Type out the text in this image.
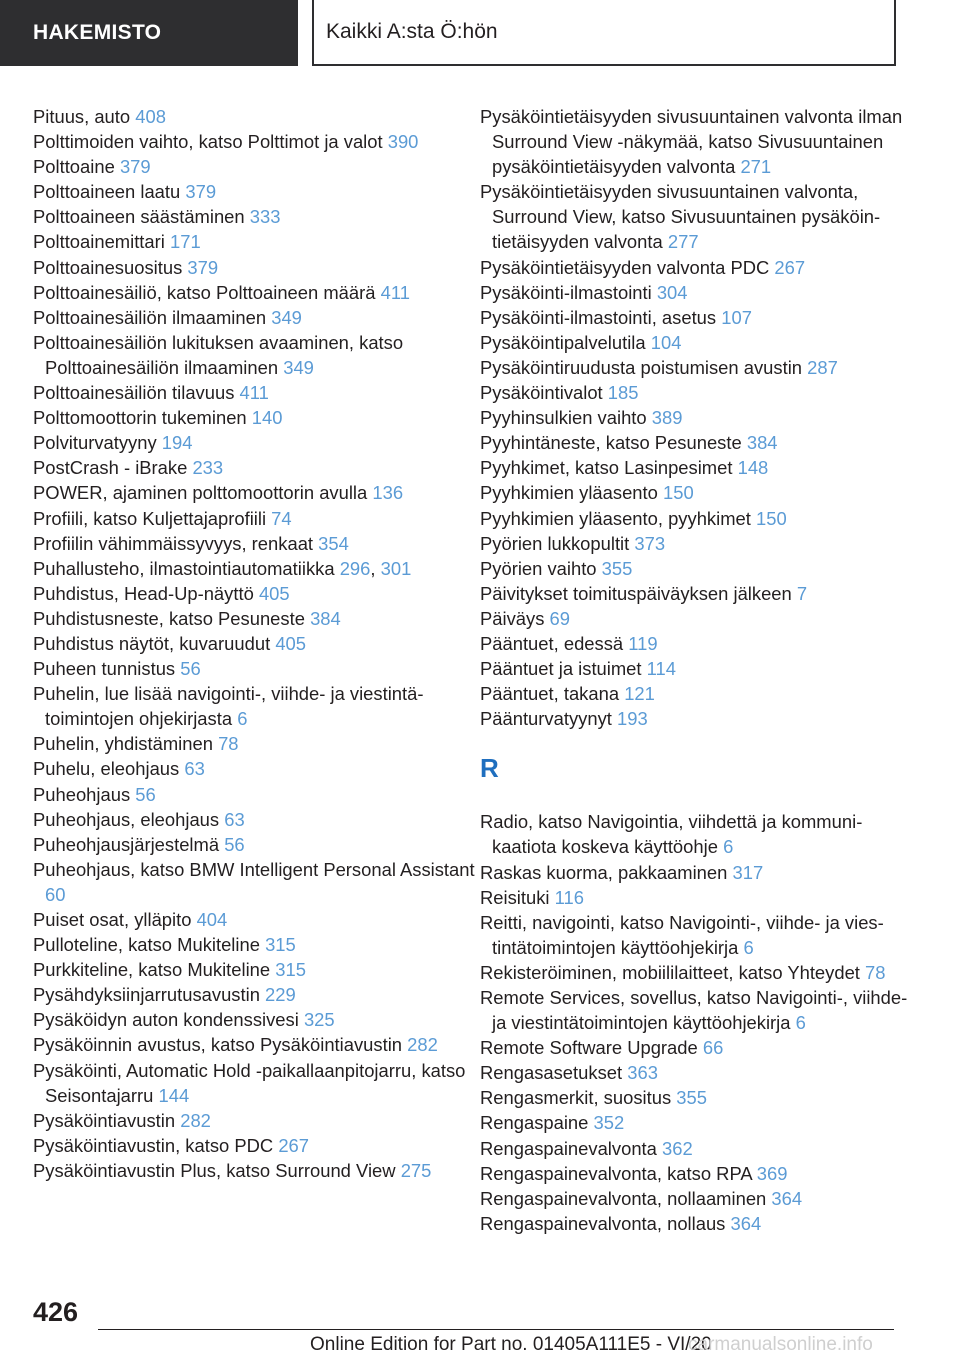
HAKEMISTO	Kaikki A:sta Ö:hön
Pituus, auto 408
Polttimoiden vaihto, katso Polttimot ja valot 390
Polttoaine 379
Polttoaineen laatu 379
Polttoaineen säästäminen 333
Polttoainemittari 171
Polttoainesuositus 379
Polttoainesäiliö, katso Polttoaineen määrä 411
Polttoainesäiliön ilmaaminen 349
Polttoainesäiliön lukituksen avaaminen, katso Polttoainesäiliön ilmaaminen 349
Polttoainesäiliön tilavuus 411
Polttomoottorin tukeminen 140
Polviturvatyyny 194
PostCrash - iBrake 233
POWER, ajaminen polttomoottorin avulla 136
Profiili, katso Kuljettajaprofiili 74
Profiilin vähimmäissyvyys, renkaat 354
Puhallusteho, ilmastointiautomatiikka 296, 301
Puhdistus, Head-Up-näyttö 405
Puhdistusneste, katso Pesuneste 384
Puhdistus näytöt, kuvaruudut 405
Puheen tunnistus 56
Puhelin, lue lisää navigointi-, viihde- ja viestintätoimintojen ohjekirjasta 6
Puhelin, yhdistäminen 78
Puhelu, eleohjaus 63
Puheohjaus 56
Puheohjaus, eleohjaus 63
Puheohjausjärjestelmä 56
Puheohjaus, katso BMW Intelligent Personal Assistant 60
Puiset osat, ylläpito 404
Pulloteline, katso Mukiteline 315
Purkkiteline, katso Mukiteline 315
Pysähdyksiinjarrutusavustin 229
Pysäköidyn auton kondenssivesi 325
Pysäköinnin avustus, katso Pysäköintiavustin 282
Pysäköinti, Automatic Hold -paikallaanpitojarru, katso Seisontajarru 144
Pysäköintiavustin 282
Pysäköintiavustin, katso PDC 267
Pysäköintiavustin Plus, katso Surround View 275
Pysäköintietäisyyden sivusuuntainen valvonta ilman Surround View -näkymää, katso Sivusuuntainen pysäköintietäisyyden valvonta 271
Pysäköintietäisyyden sivusuuntainen valvonta, Surround View, katso Sivusuuntainen pysäköintietäisyyden valvonta 277
Pysäköintietäisyyden valvonta PDC 267
Pysäköinti-ilmastointi 304
Pysäköinti-ilmastointi, asetus 107
Pysäköintipalvelutila 104
Pysäköintiruudusta poistumisen avustin 287
Pysäköintivalot 185
Pyyhinsulkien vaihto 389
Pyyhintäneste, katso Pesuneste 384
Pyyhkimet, katso Lasinpesimet 148
Pyyhkimien yläasento 150
Pyyhkimien yläasento, pyyhkimet 150
Pyörien lukkopultit 373
Pyörien vaihto 355
Päivitykset toimituspäiväyksen jälkeen 7
Päiväys 69
Pääntuet, edessä 119
Pääntuet ja istuimet 114
Pääntuet, takana 121
Päänturvatyynyt 193
R
Radio, katso Navigointia, viihdettä ja kommunikaatiota koskeva käyttöohje 6
Raskas kuorma, pakkaaminen 317
Reisituki 116
Reitti, navigointi, katso Navigointi-, viihde- ja viestintätoimintojen käyttöohjekirja 6
Rekisteröiminen, mobiililaitteet, katso Yhteydet 78
Remote Services, sovellus, katso Navigointi-, viihde- ja viestintätoimintojen käyttöohjekirja 6
Remote Software Upgrade 66
Rengasasetukset 363
Rengasmerkit, suositus 355
Rengaspaine 352
Rengaspainevalvonta 362
Rengaspainevalvonta, katso RPA 369
Rengaspainevalvonta, nollaaminen 364
Rengaspainevalvonta, nollaus 364
426
Online Edition for Part no. 01405A111E5 - VI/20
carmanualsonline.info
